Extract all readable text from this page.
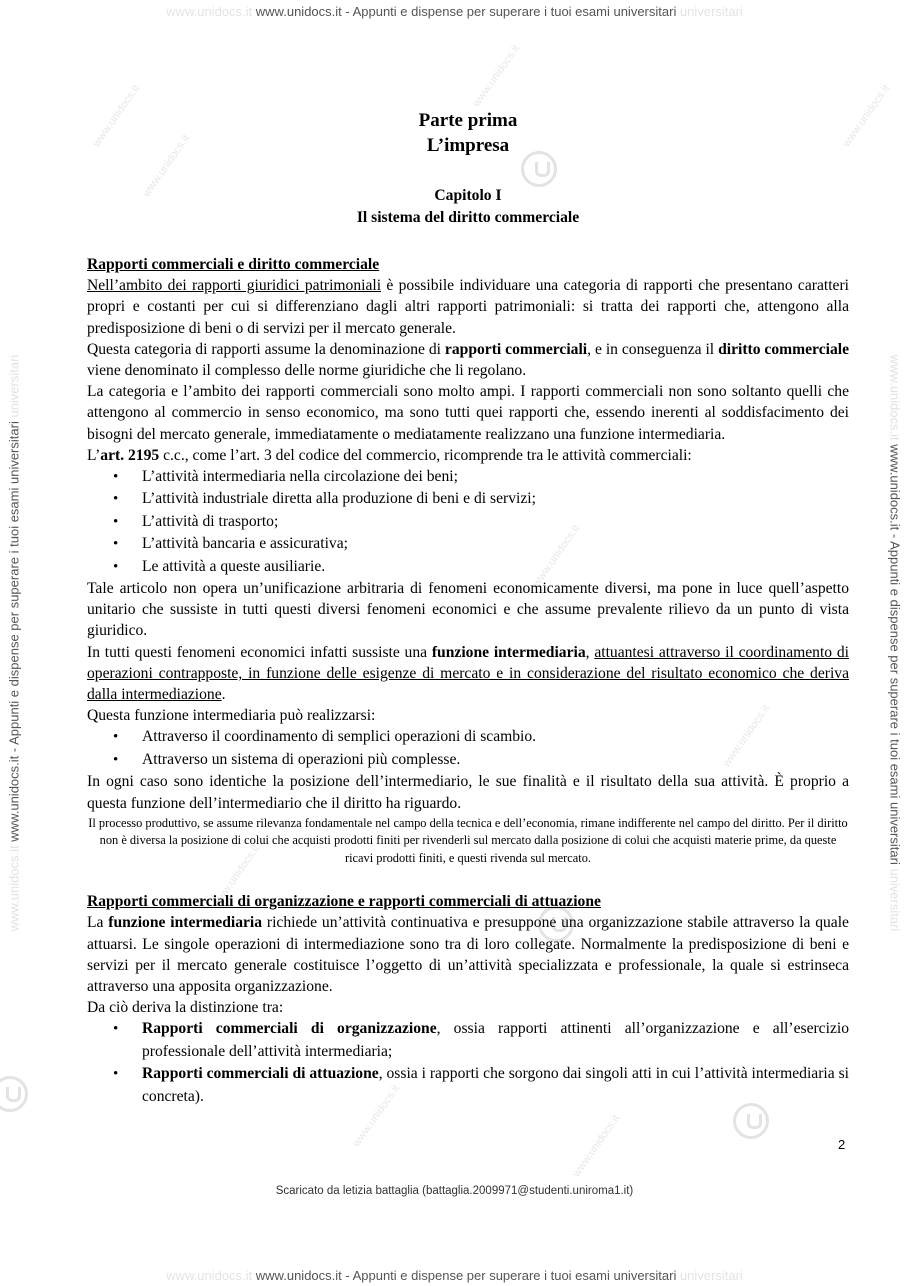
www.unidocs.it
www.unidocs.it
www.unidocs.it
www.unidocs.it
www.unidocs.it
www.unidocs.it
www.unidocs.it
www.unidocs.it	www.unidocs.it
www.unidocs.it www.unidocs.it - Appunti e dispense per superare i tuoi esami universitari universitari
www.unidocs.it www.unidocs.it - Appunti e dispense per superare i tuoi esami universitari universitari
www.unidocs.it www.unidocs.it - Appunti e dispense per superare i tuoi esami universitari universitari	www.unidocs.it www.unidocs.it - Appunti e dispense per superare i tuoi esami universitari universitari
Parte prima
L’impresa
Capitolo I
Il sistema del diritto commerciale
Rapporti commerciali e diritto commerciale

Nell’ambito dei rapporti giuridici patrimoniali è possibile individuare una categoria di rapporti che presentano caratteri propri e costanti per cui si differenziano dagli altri rapporti patrimoniali: si tratta dei rapporti che, attengono alla predisposizione di beni o di servizi per il mercato generale.

Questa categoria di rapporti assume la denominazione di rapporti commerciali, e in conseguenza il diritto commerciale viene denominato il complesso delle norme giuridiche che li regolano.

La categoria e l’ambito dei rapporti commerciali sono molto ampi. I rapporti commerciali non sono soltanto quelli che attengono al commercio in senso economico, ma sono tutti quei rapporti che, essendo inerenti al soddisfacimento dei bisogni del mercato generale, immediatamente o mediatamente realizzano una funzione intermediaria.

L’art. 2195 c.c., come l’art. 3 del codice del commercio, ricomprende tra le attività commerciali:

• L’attività intermediaria nella circolazione dei beni;
• L’attività industriale diretta alla produzione di beni e di servizi;
• L’attività di trasporto;
• L’attività bancaria e assicurativa;
• Le attività a queste ausiliarie.

Tale articolo non opera un’unificazione arbitraria di fenomeni economicamente diversi, ma pone in luce quell’aspetto unitario che sussiste in tutti questi diversi fenomeni economici e che assume prevalente rilievo da un punto di vista giuridico.

In tutti questi fenomeni economici infatti sussiste una funzione intermediaria, attuantesi attraverso il coordinamento di operazioni contrapposte, in funzione delle esigenze di mercato e in considerazione del risultato economico che deriva dalla intermediazione.

Questa funzione intermediaria può realizzarsi:

• Attraverso il coordinamento di semplici operazioni di scambio.
• Attraverso un sistema di operazioni più complesse.

In ogni caso sono identiche la posizione dell’intermediario, le sue finalità e il risultato della sua attività. È proprio a questa funzione dell’intermediario che il diritto ha riguardo.

Il processo produttivo, se assume rilevanza fondamentale nel campo della tecnica e dell’economia, rimane indifferente nel campo del diritto. Per il diritto non è diversa la posizione di colui che acquisti prodotti finiti per rivenderli sul mercato dalla posizione di colui che acquisti materie prime, da queste ricavi prodotti finiti, e questi rivenda sul mercato.
Rapporti commerciali di organizzazione e rapporti commerciali di attuazione

La funzione intermediaria richiede un’attività continuativa e presuppone una organizzazione stabile attraverso la quale attuarsi. Le singole operazioni di intermediazione sono tra di loro collegate. Normalmente la predisposizione di beni e servizi per il mercato generale costituisce l’oggetto di un’attività specializzata e professionale, la quale si estrinseca attraverso una apposita organizzazione.

Da ciò deriva la distinzione tra:

• Rapporti commerciali di organizzazione, ossia rapporti attinenti all’organizzazione e all’esercizio professionale dell’attività intermediaria;
• Rapporti commerciali di attuazione, ossia i rapporti che sorgono dai singoli atti in cui l’attività intermediaria si concreta).
2
Scaricato da letizia battaglia (battaglia.2009971@studenti.uniroma1.it)
